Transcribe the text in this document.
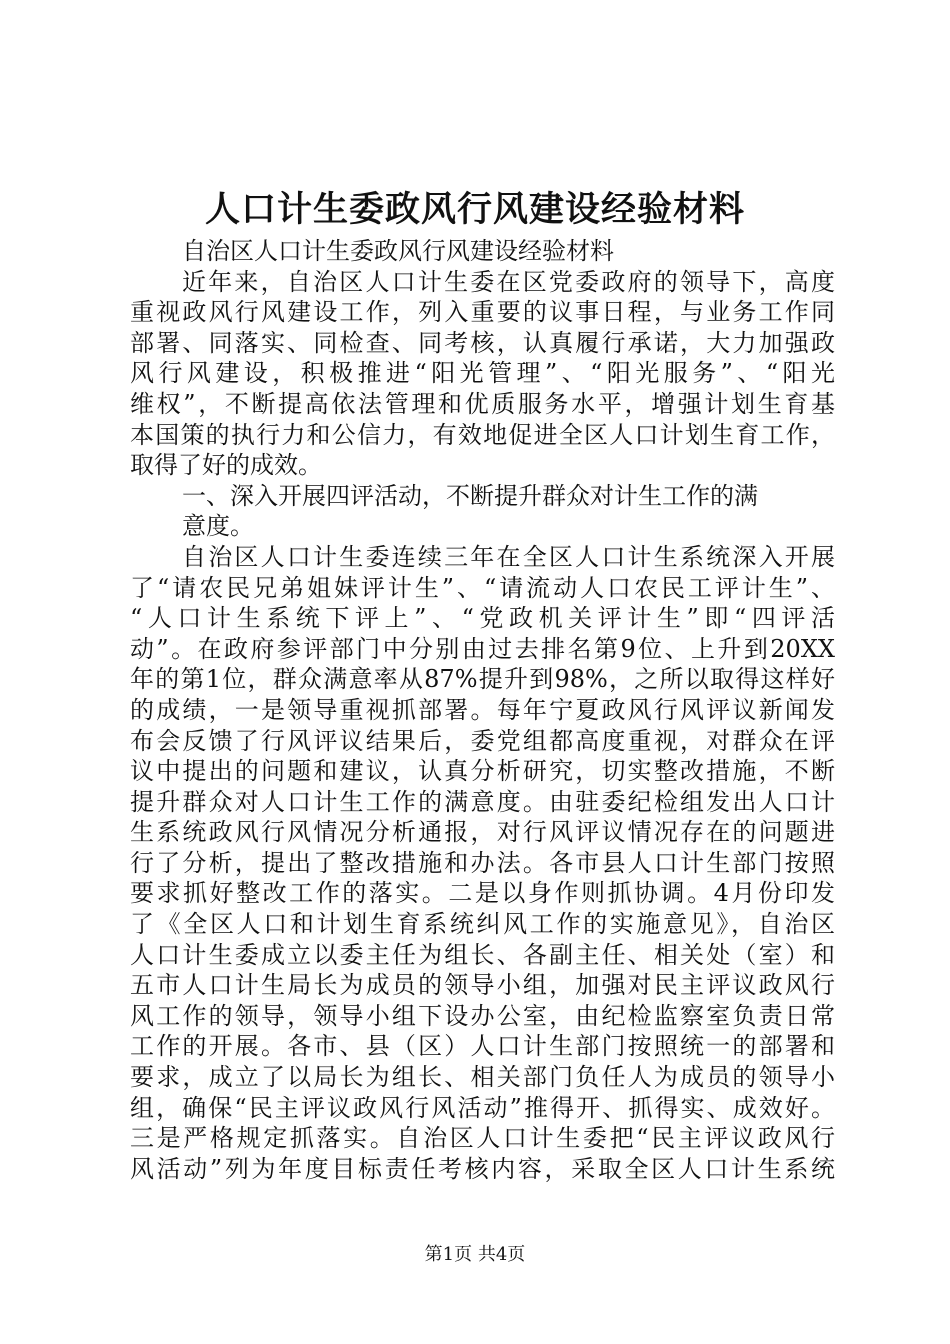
人口计生委政风行风建设经验材料
自治区人口计生委政风行风建设经验材料
近年来，自治区人口计生委在区党委政府的领导下，高度
重视政风行风建设工作，列入重要的议事日程，与业务工作同
部署、同落实、同检查、同考核，认真履行承诺，大力加强政
风行风建设，积极推进“阳光管理”、“阳光服务”、“阳光
维权”，不断提高依法管理和优质服务水平，增强计划生育基
本国策的执行力和公信力，有效地促进全区人口计划生育工作，
取得了好的成效。
一、深入开展四评活动，不断提升群众对计生工作的满
意度。
自治区人口计生委连续三年在全区人口计生系统深入开展
了“请农民兄弟姐妹评计生”、“请流动人口农民工评计生”、
“人口计生系统下评上”、“党政机关评计生”即“四评活
动”。在政府参评部门中分别由过去排名第9位、上升到20XX
年的第1位，群众满意率从87%提升到98%，之所以取得这样好
的成绩，一是领导重视抓部署。每年宁夏政风行风评议新闻发
布会反馈了行风评议结果后，委党组都高度重视，对群众在评
议中提出的问题和建议，认真分析研究，切实整改措施，不断
提升群众对人口计生工作的满意度。由驻委纪检组发出人口计
生系统政风行风情况分析通报，对行风评议情况存在的问题进
行了分析，提出了整改措施和办法。各市县人口计生部门按照
要求抓好整改工作的落实。二是以身作则抓协调。4月份印发
了《全区人口和计划生育系统纠风工作的实施意见》，自治区
人口计生委成立以委主任为组长、各副主任、相关处（室）和
五市人口计生局长为成员的领导小组，加强对民主评议政风行
风工作的领导，领导小组下设办公室，由纪检监察室负责日常
工作的开展。各市、县（区）人口计生部门按照统一的部署和
要求，成立了以局长为组长、相关部门负任人为成员的领导小
组，确保“民主评议政风行风活动”推得开、抓得实、成效好。
三是严格规定抓落实。自治区人口计生委把“民主评议政风行
风活动”列为年度目标责任考核内容，采取全区人口计生系统
第1页 共4页
